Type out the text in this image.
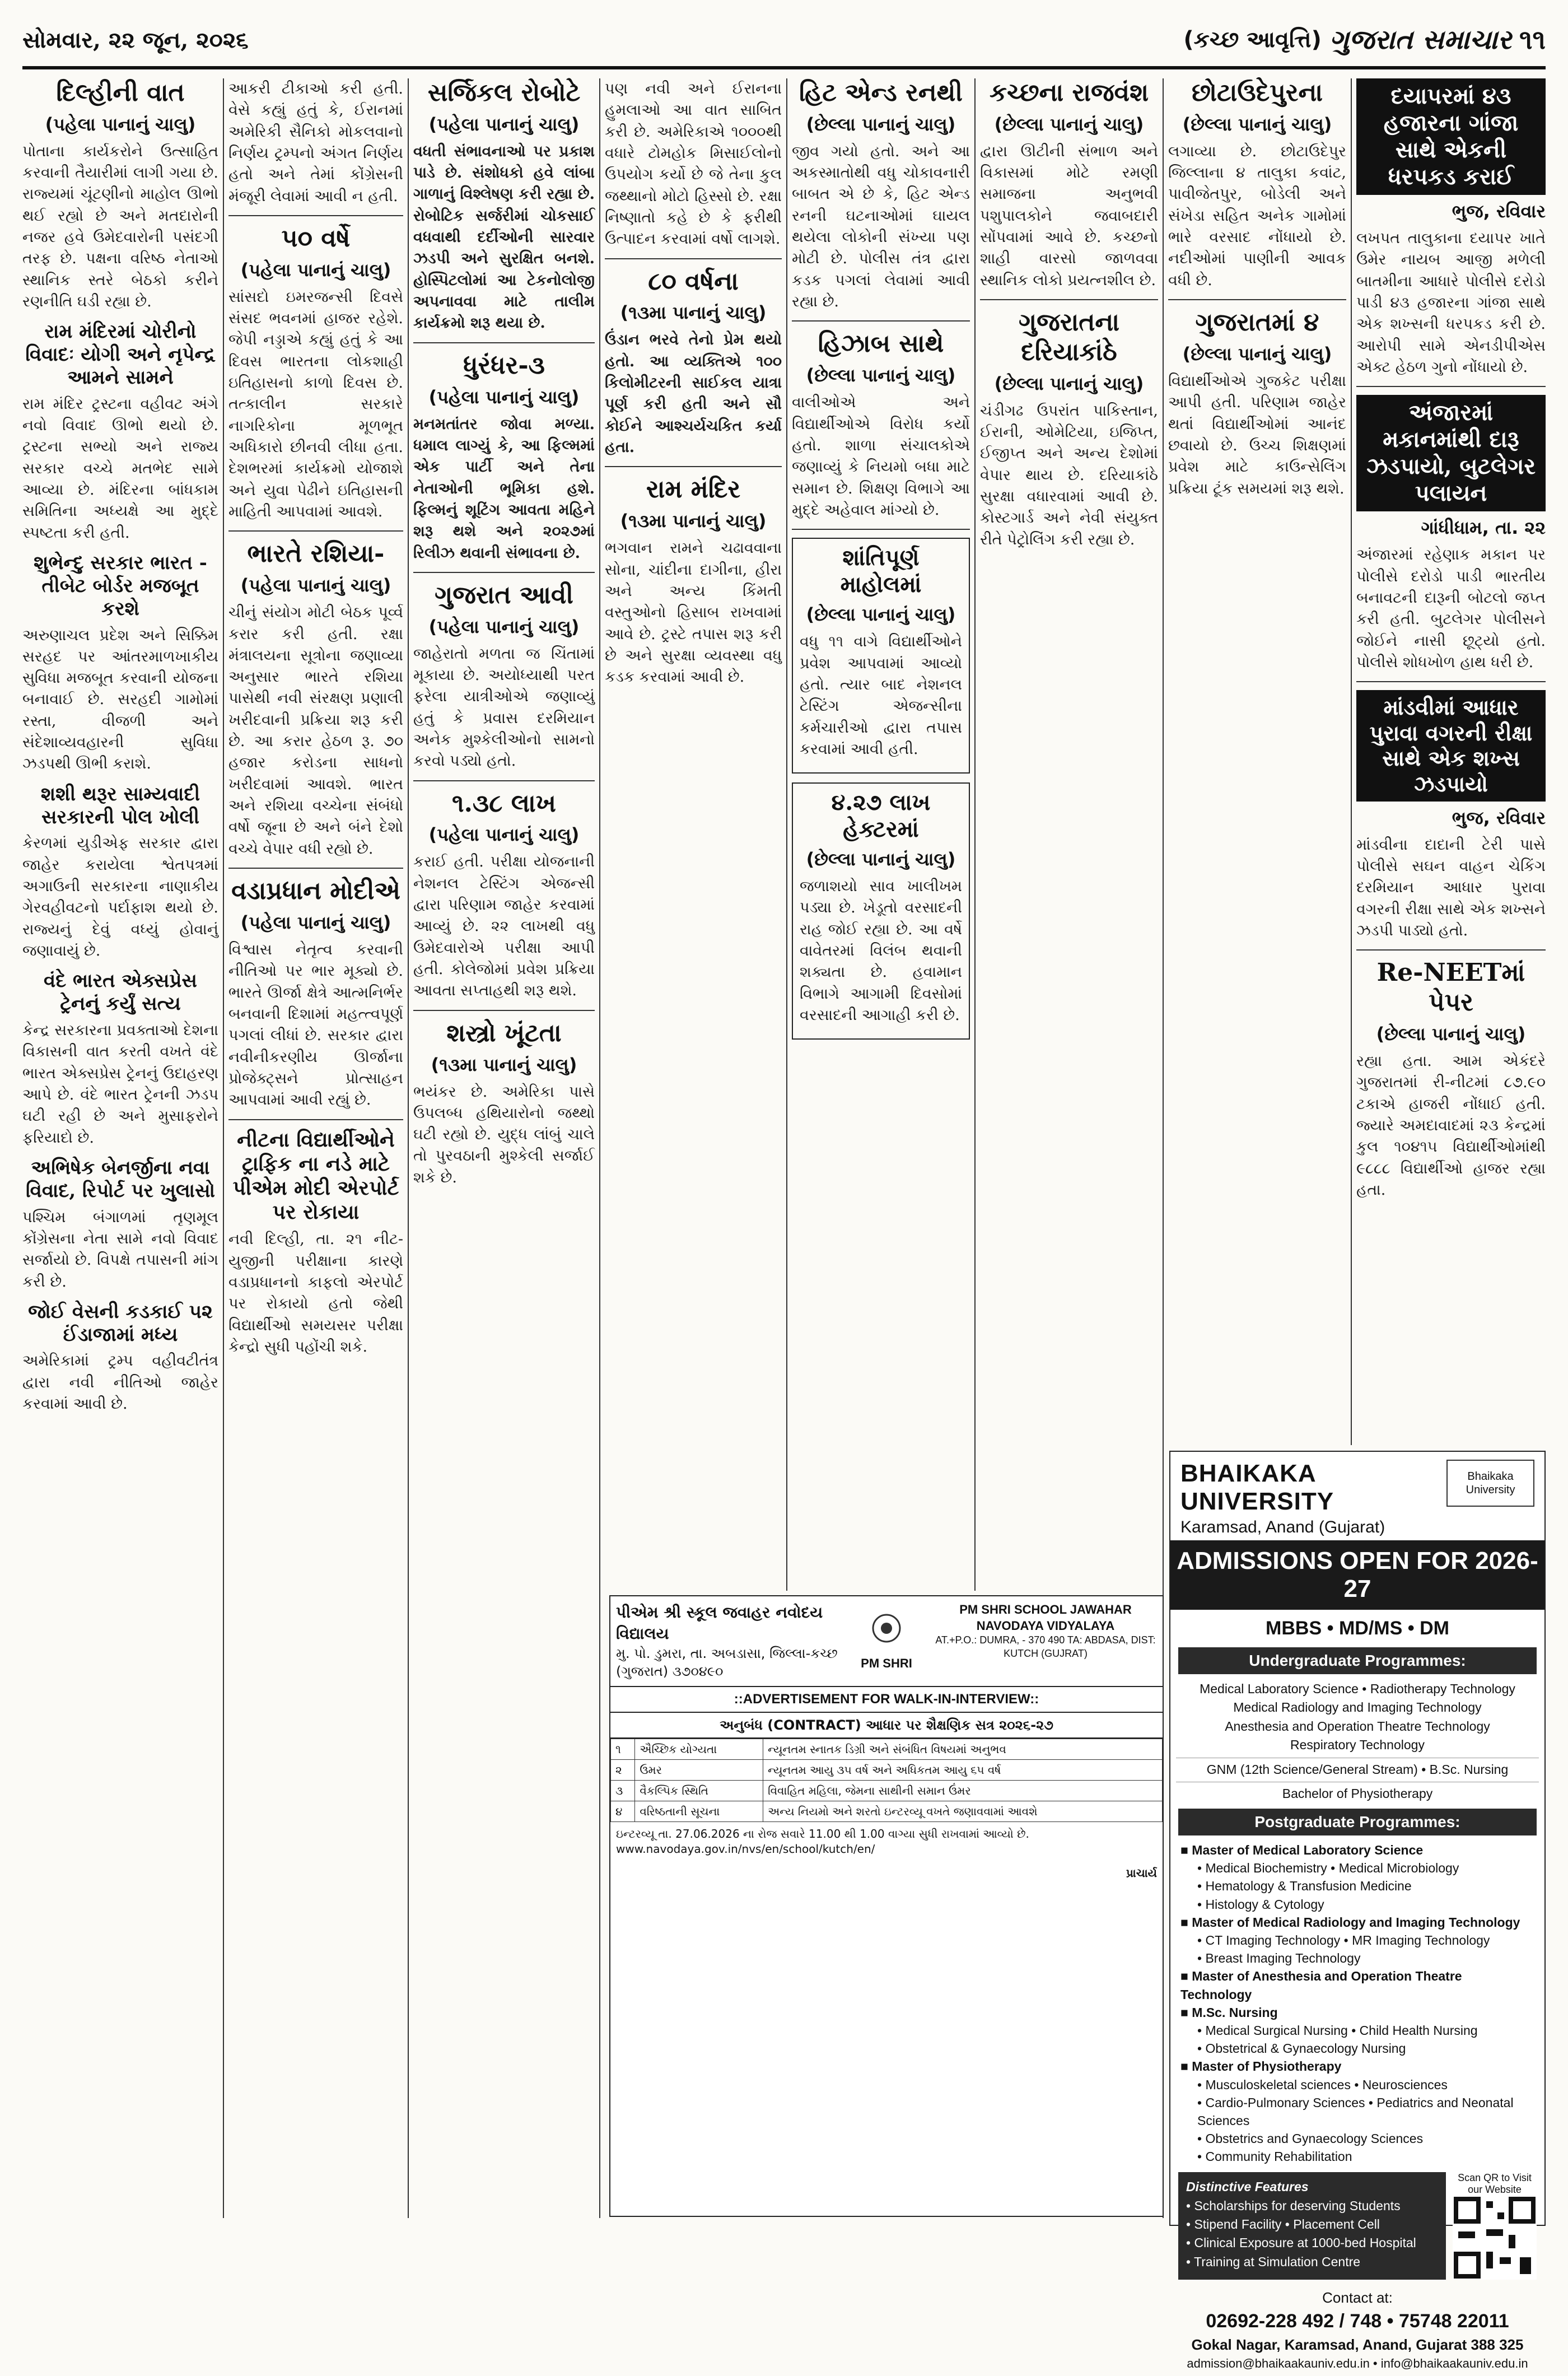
સોમવાર, ૨૨ જૂન, ૨૦૨૬	(કચ્છ આવૃત્તિ) ગુજરાત સમાચાર ૧૧
દિલ્હીની વાત
(પહેલા પાનાનું ચાલુ)
પોતાના કાર્યકરોને ઉત્સાહિત કરવાની તૈયારીમાં લાગી ગયા છે. રાજ્યમાં ચૂંટણીનો માહોલ ઊભો થઈ રહ્યો છે અને મતદારોની નજર હવે ઉમેદવારોની પસંદગી તરફ છે. પક્ષના વરિષ્ઠ નેતાઓ સ્થાનિક સ્તરે બેઠકો કરીને રણનીતિ ઘડી રહ્યા છે.
રામ મંદિરમાં ચોરીનો વિવાદઃ યોગી અને નૃપેન્દ્ર આમને સામને
રામ મંદિર ટ્રસ્ટના વહીવટ અંગે નવો વિવાદ ઊભો થયો છે. ટ્રસ્ટના સભ્યો અને રાજ્ય સરકાર વચ્ચે મતભેદ સામે આવ્યા છે. મંદિરના બાંધકામ સમિતિના અધ્યક્ષે આ મુદ્દે સ્પષ્ટતા કરી હતી.
શુભેન્દુ સરકાર ભારત - તીબેટ બોર્ડર મજબૂત કરશે
અરુણાચલ પ્રદેશ અને સિક્કિમ સરહદ પર આંતરમાળખાકીય સુવિધા મજબૂત કરવાની યોજના બનાવાઈ છે. સરહદી ગામોમાં રસ્તા, વીજળી અને સંદેશાવ્યવહારની સુવિધા ઝડપથી ઊભી કરાશે.
શશી થરૂર સામ્યવાદી સરકારની પોલ ખોલી
કેરળમાં યુડીએફ સરકાર દ્વારા જાહેર કરાયેલા શ્વેતપત્રમાં અગાઉની સરકારના નાણાકીય ગેરવહીવટનો પર્દાફાશ થયો છે. રાજ્યનું દેવું વધ્યું હોવાનું જણાવાયું છે.
વંદે ભારત એક્સપ્રેસ ટ્રેનનું કર્યું સત્ય
કેન્દ્ર સરકારના પ્રવક્તાઓ દેશના વિકાસની વાત કરતી વખતે વંદે ભારત એક્સપ્રેસ ટ્રેનનું ઉદાહરણ આપે છે. વંદે ભારત ટ્રેનની ઝડપ ઘટી રહી છે અને મુસાફરોને ફરિયાદો છે.
અભિષેક બેનર્જીના નવા વિવાદ, રિપોર્ટ પર ખુલાસો
પશ્ચિમ બંગાળમાં તૃણમૂલ કોંગ્રેસના નેતા સામે નવો વિવાદ સર્જાયો છે. વિપક્ષે તપાસની માંગ કરી છે.
જોઈ વેસની કડકાઈ ૫૨ ઈંડાજામાં મધ્ય
અમેરિકામાં ટ્રમ્પ વહીવટીતંત્ર દ્વારા નવી નીતિઓ જાહેર કરવામાં આવી છે.
આકરી ટીકાઓ કરી હતી. વેસે કહ્યું હતું કે, ઈરાનમાં અમેરિકી સૈનિકો મોકલવાનો નિર્ણય ટ્રમ્પનો અંગત નિર્ણય હતો અને તેમાં કોંગ્રેસની મંજૂરી લેવામાં આવી ન હતી.
૫૦ વર્ષે
(પહેલા પાનાનું ચાલુ)
સાંસદો ઇમરજન્સી દિવસે સંસદ ભવનમાં હાજર રહેશે. જેપી નડ્ડાએ કહ્યું હતું કે આ દિવસ ભારતના લોકશાહી ઇતિહાસનો કાળો દિવસ છે. તત્કાલીન સરકારે નાગરિકોના મૂળભૂત અધિકારો છીનવી લીધા હતા. દેશભરમાં કાર્યક્રમો યોજાશે અને યુવા પેઢીને ઇતિહાસની માહિતી આપવામાં આવશે.
ભારતે રશિયા-
(પહેલા પાનાનું ચાલુ)
ચીનું સંયોગ મોટી બેઠક પૂર્વ્વ કરાર કરી હતી. રક્ષા મંત્રાલયના સૂત્રોના જણાવ્યા અનુસાર ભારતે રશિયા પાસેથી નવી સંરક્ષણ પ્રણાલી ખરીદવાની પ્રક્રિયા શરૂ કરી છે. આ કરાર હેઠળ રૂ. ૭૦ હજાર કરોડના સાધનો ખરીદવામાં આવશે. ભારત અને રશિયા વચ્ચેના સંબંધો વર્ષો જૂના છે અને બંને દેશો વચ્ચે વેપાર વધી રહ્યો છે.
વડાપ્રધાન મોદીએ
(પહેલા પાનાનું ચાલુ)
વિશ્વાસ નેતૃત્વ કરવાની નીતિઓ પર ભાર મૂક્યો છે. ભારતે ઊર્જા ક્ષેત્રે આત્મનિર્ભર બનવાની દિશામાં મહત્ત્વપૂર્ણ પગલાં લીધાં છે. સરકાર દ્વારા નવીનીકરણીય ઊર્જાના પ્રોજેક્ટ્સને પ્રોત્સાહન આપવામાં આવી રહ્યું છે.
નીટના વિદ્યાર્થીઓને ટ્રાફિક ના નડે માટે પીએમ મોદી એરપોર્ટ પર રોકાયા
નવી દિલ્હી, તા. ૨૧ નીટ-યુજીની પરીક્ષાના કારણે વડાપ્રધાનનો કાફલો એરપોર્ટ પર રોકાયો હતો જેથી વિદ્યાર્થીઓ સમયસર પરીક્ષા કેન્દ્રો સુધી પહોંચી શકે.
સર્જિકલ રોબોટે
(પહેલા પાનાનું ચાલુ)
વધતી સંભાવનાઓ પર પ્રકાશ પાડે છે. સંશોધકો હવે લાંબા ગાળાનું વિશ્લેષણ કરી રહ્યા છે. રોબોટિક સર્જરીમાં ચોકસાઈ વધવાથી દર્દીઓની સારવાર ઝડપી અને સુરક્ષિત બનશે. હોસ્પિટલોમાં આ ટેકનોલોજી અપનાવવા માટે તાલીમ કાર્યક્રમો શરૂ થયા છે.
ધુરંધર-૩
(પહેલા પાનાનું ચાલુ)
મનમતાંતર જોવા મળ્યા. ધમાલ લાગ્યું કે, આ ફિલ્મમાં એક પાર્ટી અને તેના નેતાઓની ભૂમિકા હશે. ફિલ્મનું શૂટિંગ આવતા મહિને શરૂ થશે અને ૨૦૨૭માં રિલીઝ થવાની સંભાવના છે.
ગુજરાત આવી
(પહેલા પાનાનું ચાલુ)
જાહેરાતો મળતા જ ચિંતામાં મૂકાયા છે. અયોધ્યાથી પરત ફરેલા યાત્રીઓએ જણાવ્યું હતું કે પ્રવાસ દરમિયાન અનેક મુશ્કેલીઓનો સામનો કરવો પડ્યો હતો.
૧.૩૮ લાખ
(પહેલા પાનાનું ચાલુ)
કરાઈ હતી. પરીક્ષા યોજનાની નેશનલ ટેસ્ટિંગ એજન્સી દ્વારા પરિણામ જાહેર કરવામાં આવ્યું છે. ૨૨ લાખથી વધુ ઉમેદવારોએ પરીક્ષા આપી હતી. કોલેજોમાં પ્રવેશ પ્રક્રિયા આવતા સપ્તાહથી શરૂ થશે.
શસ્ત્રો ખૂંટતા
(૧૩મા પાનાનું ચાલુ)
ભયંકર છે. અમેરિકા પાસે ઉપલબ્ધ હથિયારોનો જથ્થો ઘટી રહ્યો છે. યુદ્ધ લાંબું ચાલે તો પુરવઠાની મુશ્કેલી સર્જાઈ શકે છે.
પણ નવી અને ઈરાનના હુમલાઓ આ વાત સાબિત કરી છે. અમેરિકાએ ૧૦૦૦થી વધારે ટોમહોક મિસાઈલોનો ઉપયોગ કર્યો છે જે તેના કુલ જથ્થાનો મોટો હિસ્સો છે. રક્ષા નિષ્ણાતો કહે છે કે ફરીથી ઉત્પાદન કરવામાં વર્ષો લાગશે.
૮૦ વર્ષના
(૧૩મા પાનાનું ચાલુ)
ઉંડાન ભરવે તેનો પ્રેમ થયો હતો. આ વ્યક્તિએ ૧૦૦ કિલોમીટરની સાઈકલ યાત્રા પૂર્ણ કરી હતી અને સૌ કોઈને આશ્ચર્યચકિત કર્યા હતા.
રામ મંદિર
(૧૩મા પાનાનું ચાલુ)
ભગવાન રામને ચઢાવવાના સોના, ચાંદીના દાગીના, હીરા અને અન્ય કિંમતી વસ્તુઓનો હિસાબ રાખવામાં આવે છે. ટ્રસ્ટે તપાસ શરૂ કરી છે અને સુરક્ષા વ્યવસ્થા વધુ કડક કરવામાં આવી છે.
હિટ એન્ડ રનથી
(છેલ્લા પાનાનું ચાલુ)
જીવ ગયો હતો. અને આ અકસ્માતોથી વધુ ચોકાવનારી બાબત એ છે કે, હિટ એન્ડ રનની ઘટનાઓમાં ઘાયલ થયેલા લોકોની સંખ્યા પણ મોટી છે. પોલીસ તંત્ર દ્વારા કડક પગલાં લેવામાં આવી રહ્યા છે.
હિઝાબ સાથે
(છેલ્લા પાનાનું ચાલુ)
વાલીઓએ અને વિદ્યાર્થીઓએ વિરોધ કર્યો હતો. શાળા સંચાલકોએ જણાવ્યું કે નિયમો બધા માટે સમાન છે. શિક્ષણ વિભાગે આ મુદ્દે અહેવાલ માંગ્યો છે.
શાંતિપૂર્ણ માહોલમાં
(છેલ્લા પાનાનું ચાલુ)
વધુ ૧૧ વાગે વિદ્યાર્થીઓને પ્રવેશ આપવામાં આવ્યો હતો. ત્યાર બાદ નેશનલ ટેસ્ટિંગ એજન્સીના કર્મચારીઓ દ્વારા તપાસ કરવામાં આવી હતી.
૪.૨૭ લાખ હેક્ટરમાં
(છેલ્લા પાનાનું ચાલુ)
જળાશયો સાવ ખાલીખમ પડ્યા છે. ખેડૂતો વરસાદની રાહ જોઈ રહ્યા છે. આ વર્ષે વાવેતરમાં વિલંબ થવાની શક્યતા છે. હવામાન વિભાગે આગામી દિવસોમાં વરસાદની આગાહી કરી છે.
કચ્છના રાજવંશ
(છેલ્લા પાનાનું ચાલુ)
દ્વારા ઊટીની સંભાળ અને વિકાસમાં મોટે રમણી સમાજના અનુભવી પશુપાલકોને જવાબદારી સોંપવામાં આવે છે. કચ્છનો શાહી વારસો જાળવવા સ્થાનિક લોકો પ્રયત્નશીલ છે.
ગુજરાતના દરિયાકાંઠે
(છેલ્લા પાનાનું ચાલુ)
ચંડીગઢ ઉપરાંત પાકિસ્તાન, ઈરાની, ઓમેટિયા, ઇજિપ્ત, ઈજીપ્ત અને અન્ય દેશોમાં વેપાર થાય છે. દરિયાકાંઠે સુરક્ષા વધારવામાં આવી છે. કોસ્ટગાર્ડ અને નેવી સંયુક્ત રીતે પેટ્રોલિંગ કરી રહ્યા છે.
છોટાઉદેપુરના
(છેલ્લા પાનાનું ચાલુ)
લગાવ્યા છે. છોટાઉદેપુર જિલ્લાના ૪ તાલુકા કવાંટ, પાવીજેતપુર, બોડેલી અને સંખેડા સહિત અનેક ગામોમાં ભારે વરસાદ નોંધાયો છે. નદીઓમાં પાણીની આવક વધી છે.
ગુજરાતમાં ૪
(છેલ્લા પાનાનું ચાલુ)
વિદ્યાર્થીઓએ ગુજકેટ પરીક્ષા આપી હતી. પરિણામ જાહેર થતાં વિદ્યાર્થીઓમાં આનંદ છવાયો છે. ઉચ્ચ શિક્ષણમાં પ્રવેશ માટે કાઉન્સેલિંગ પ્રક્રિયા ટૂંક સમયમાં શરૂ થશે.
દયાપરમાં ૪૩ હજારના ગાંજા સાથે એકની ધરપકડ કરાઈ
ભુજ, રવિવાર
લખપત તાલુકાના દયાપર ખાતે ઉમેર નાયબ આજી મળેલી બાતમીના આધારે પોલીસે દરોડો પાડી ૪૩ હજારના ગાંજા સાથે એક શખ્સની ધરપકડ કરી છે. આરોપી સામે એનડીપીએસ એક્ટ હેઠળ ગુનો નોંધાયો છે.
અંજારમાં મકાનમાંથી દારૂ ઝડપાયો, બુટલેગર પલાયન
ગાંધીધામ, તા. ૨૨
અંજારમાં રહેણાક મકાન પર પોલીસે દરોડો પાડી ભારતીય બનાવટની દારૂની બોટલો જપ્ત કરી હતી. બુટલેગર પોલીસને જોઈને નાસી છૂટ્યો હતો. પોલીસે શોધખોળ હાથ ધરી છે.
માંડવીમાં આધાર પુરાવા વગરની રીક્ષા સાથે એક શખ્સ ઝડપાયો
ભુજ, રવિવાર
માંડવીના દાદાની ટેરી પાસે પોલીસે સઘન વાહન ચેકિંગ દરમિયાન આધાર પુરાવા વગરની રીક્ષા સાથે એક શખ્સને ઝડપી પાડ્યો હતો.
Re-NEETમાં પેપર
(છેલ્લા પાનાનું ચાલુ)
રહ્યા હતા. આમ એકંદરે ગુજરાતમાં રી-નીટમાં ૮૭.૯૦ ટકાએ હાજરી નોંધાઈ હતી. જ્યારે અમદાવાદમાં ૨૩ કેન્દ્રમાં કુલ ૧૦૪૧૫ વિદ્યાર્થીઓમાંથી ૯૮૮૮ વિદ્યાર્થીઓ હાજર રહ્યા હતા.
પીએમ શ્રી સ્કૂલ જવાહર નવોદય વિદ્યાલય
મુ. પો. ડુમરા, તા. અબડાસા, જિલ્લા-કચ્છ (ગુજરાત) ૩૭૦૪૯૦
PM SHRI
PM SHRI SCHOOL JAWAHAR NAVODAYA VIDYALAYA
AT.+P.O.: DUMRA, - 370 490 TA: ABDASA, DIST: KUTCH (GUJRAT)
::ADVERTISEMENT FOR WALK-IN-INTERVIEW::
અનુબંધ (CONTRACT) આધાર પર શૈક્ષણિક સત્ર ૨૦૨૬-૨૭
૧	ઐચ્છિક યોગ્યતા	ન્યૂનતમ સ્નાતક ડિગ્રી અને સંબંધિત વિષયમાં અનુભવ
૨	ઉમર	ન્યૂનતમ આયુ ૩૫ વર્ષ અને અધિકતમ આયુ ૬૫ વર્ષ
૩	વૈકલ્પિક સ્થિતિ	વિવાહિત મહિલા, જેમના સાથીની સમાન ઉંમર
૪	વરિષ્ઠતાની સૂચના	અન્ય નિયમો અને શરતો ઇન્ટરવ્યૂ વખતે જણાવવામાં આવશે
ઇન્ટરવ્યૂ તા. 27.06.2026 ના રોજ સવારે 11.00 થી 1.00 વાગ્યા સુધી રાખવામાં આવ્યો છે. www.navodaya.gov.in/nvs/en/school/kutch/en/
પ્રાચાર્ય
BHAIKAKA UNIVERSITY
Karamsad, Anand (Gujarat)
Bhaikaka University
ADMISSIONS OPEN FOR 2026-27
MBBS • MD/MS • DM
Undergraduate Programmes:
Medical Laboratory Science • Radiotherapy Technology
Medical Radiology and Imaging Technology
Anesthesia and Operation Theatre Technology
Respiratory Technology
GNM (12th Science/General Stream) • B.Sc. Nursing
Bachelor of Physiotherapy
Postgraduate Programmes:
■ Master of Medical Laboratory Science
• Medical Biochemistry • Medical Microbiology
• Hematology & Transfusion Medicine
• Histology & Cytology
■ Master of Medical Radiology and Imaging Technology
• CT Imaging Technology • MR Imaging Technology
• Breast Imaging Technology
■ Master of Anesthesia and Operation Theatre Technology
■ M.Sc. Nursing
• Medical Surgical Nursing • Child Health Nursing
• Obstetrical & Gynaecology Nursing
■ Master of Physiotherapy
• Musculoskeletal sciences • Neurosciences
• Cardio-Pulmonary Sciences • Pediatrics and Neonatal Sciences
• Obstetrics and Gynaecology Sciences
• Community Rehabilitation
Distinctive Features
• Scholarships for deserving Students
• Stipend Facility • Placement Cell
• Clinical Exposure at 1000-bed Hospital
• Training at Simulation Centre
Scan QR to Visit our Website
Contact at:
02692-228 492 / 748 • 75748 22011
Gokal Nagar, Karamsad, Anand, Gujarat 388 325
admission@bhaikaakauniv.edu.in • info@bhaikaakauniv.edu.in
